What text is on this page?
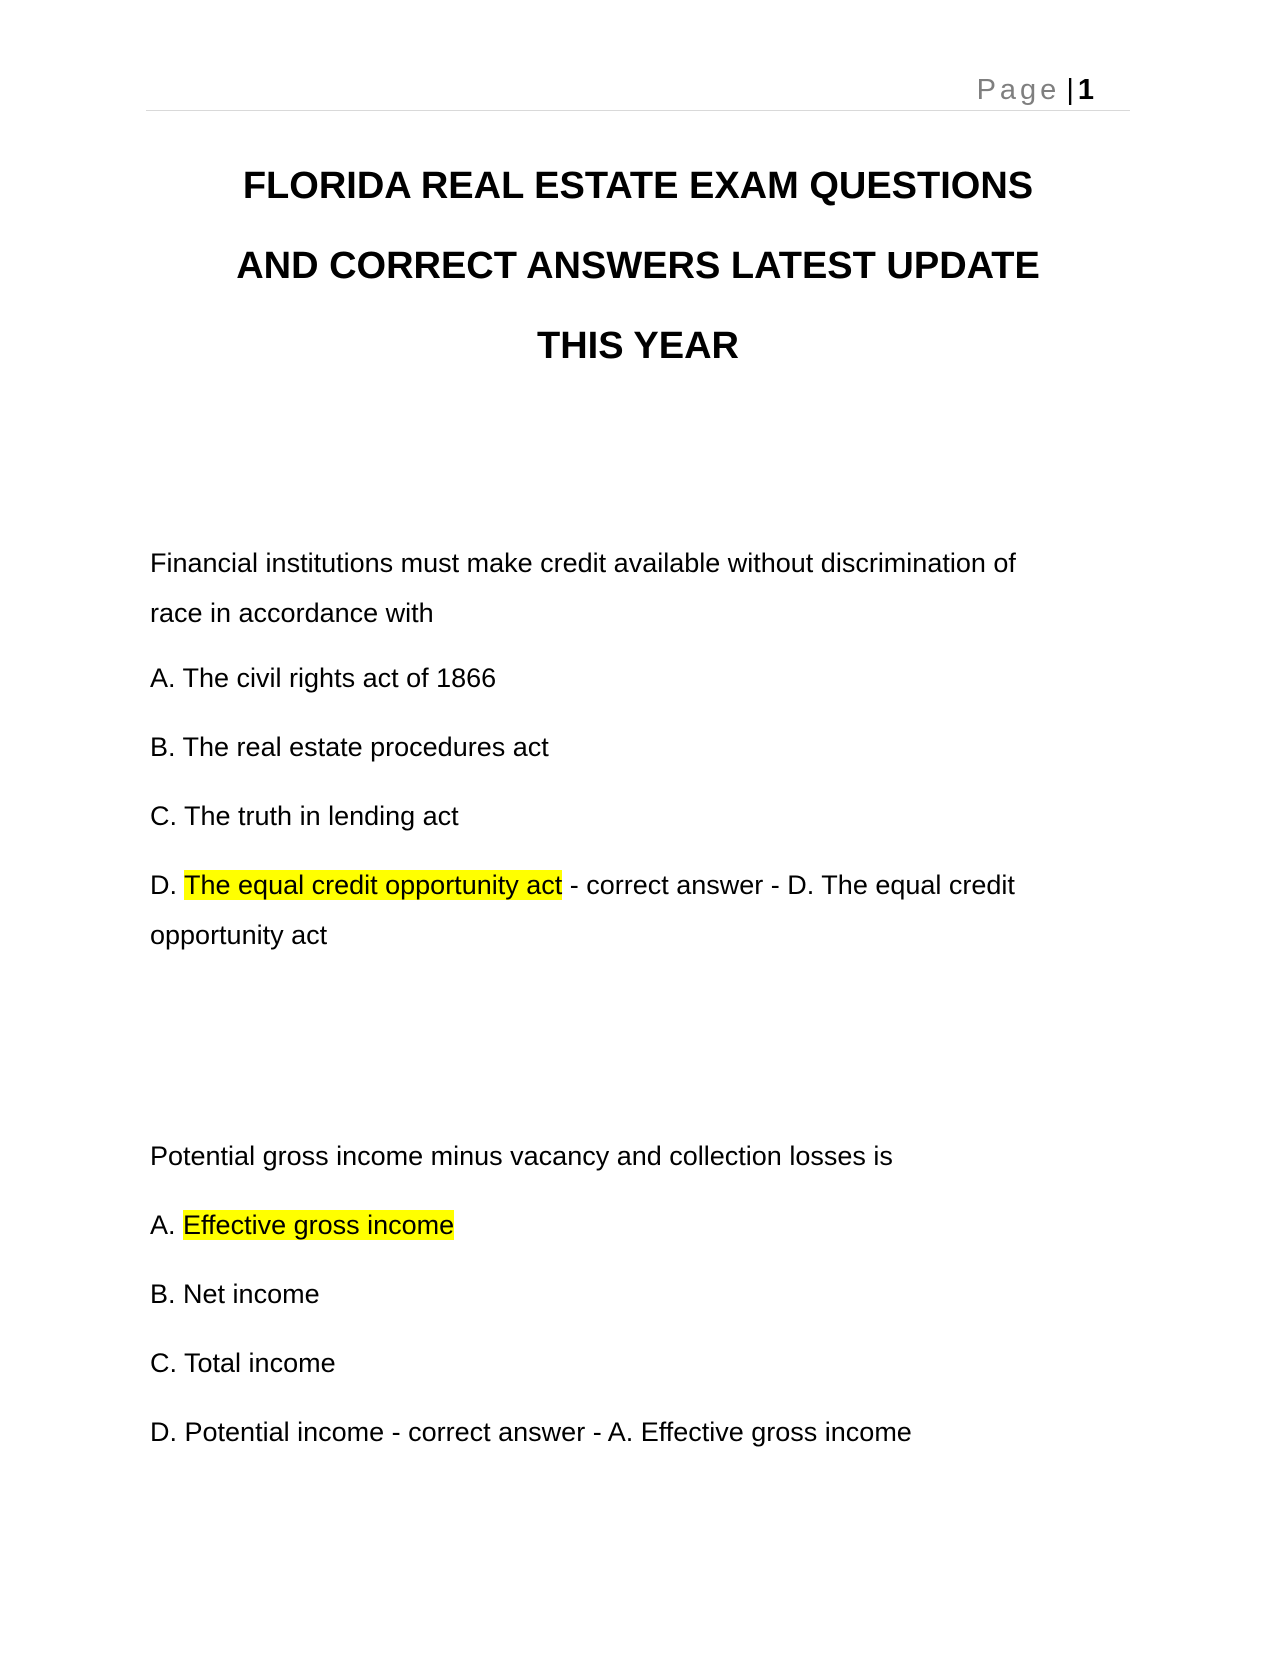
Page | 1
FLORIDA REAL ESTATE EXAM QUESTIONS
AND CORRECT ANSWERS LATEST UPDATE
THIS YEAR
Financial institutions must make credit available without discrimination of
race in accordance with
A. The civil rights act of 1866
B. The real estate procedures act
C. The truth in lending act
D. The equal credit opportunity act - correct answer - D. The equal credit
opportunity act
Potential gross income minus vacancy and collection losses is
A. Effective gross income
B. Net income
C. Total income
D. Potential income - correct answer - A. Effective gross income
